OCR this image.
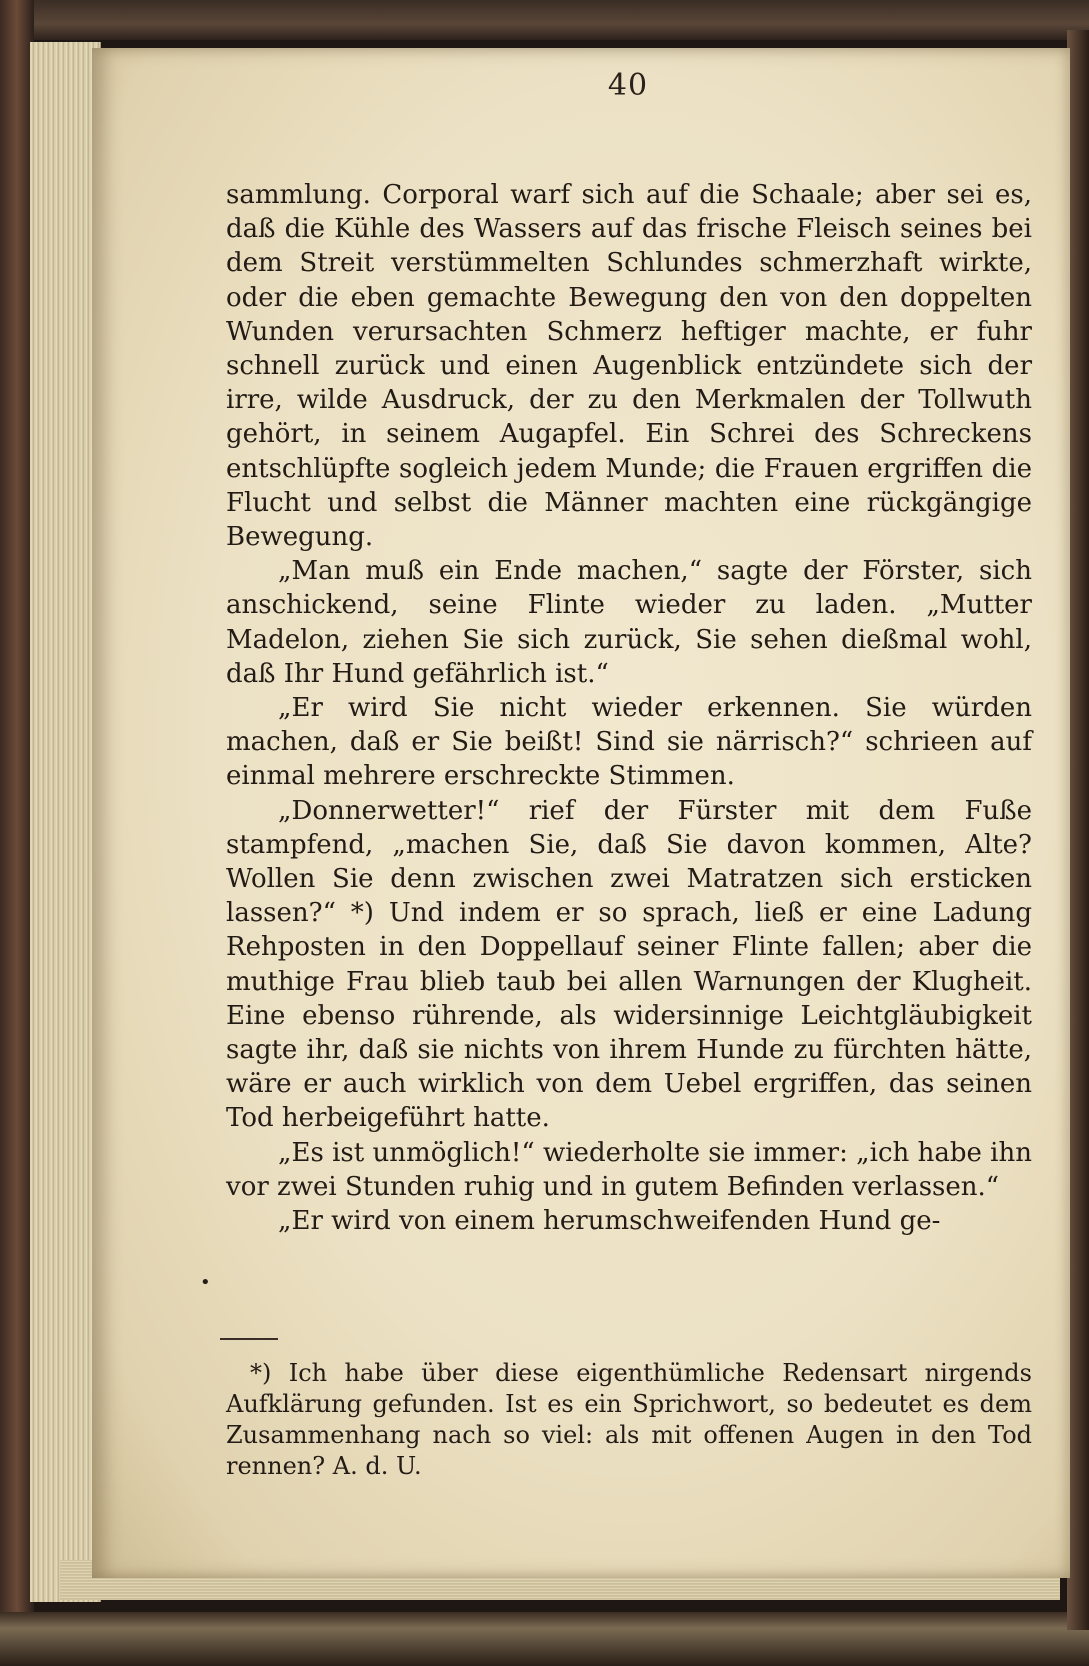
40

sammlung. Corporal warf sich auf die Schaale; aber sei es, daß die Kühle des Wassers auf das frische Fleisch seines bei dem Streit verstümmelten Schlundes schmerzhaft wirkte, oder die eben gemachte Bewegung den von den doppelten Wunden verursachten Schmerz heftiger machte, er fuhr schnell zurück und einen Augenblick entzündete sich der irre, wilde Ausdruck, der zu den Merkmalen der Tollwuth gehört, in seinem Augapfel. Ein Schrei des Schreckens entschlüpfte sogleich jedem Munde; die Frauen ergriffen die Flucht und selbst die Männer machten eine rückgängige Bewegung.

„Man muß ein Ende machen,“ sagte der Förster, sich anschickend, seine Flinte wieder zu laden. „Mutter Madelon, ziehen Sie sich zurück, Sie sehen dießmal wohl, daß Ihr Hund gefährlich ist.“

„Er wird Sie nicht wieder erkennen. Sie würden machen, daß er Sie beißt! Sind sie närrisch?“ schrieen auf einmal mehrere erschreckte Stimmen.

„Donnerwetter!“ rief der Fürster mit dem Fuße stampfend, „machen Sie, daß Sie davon kommen, Alte? Wollen Sie denn zwischen zwei Matratzen sich ersticken lassen?“ *) Und indem er so sprach, ließ er eine Ladung Rehposten in den Doppellauf seiner Flinte fallen; aber die muthige Frau blieb taub bei allen Warnungen der Klugheit. Eine ebenso rührende, als widersinnige Leichtgläubigkeit sagte ihr, daß sie nichts von ihrem Hunde zu fürchten hätte, wäre er auch wirklich von dem Uebel ergriffen, das seinen Tod herbeigeführt hatte.

„Es ist unmöglich!“ wiederholte sie immer: „ich habe ihn vor zwei Stunden ruhig und in gutem Befinden verlassen.“

„Er wird von einem herumschweifenden Hund ge-

•

*) Ich habe über diese eigenthümliche Redensart nirgends Aufklärung gefunden. Ist es ein Sprichwort, so bedeutet es dem Zusammenhang nach so viel: als mit offenen Augen in den Tod rennen? A. d. U.
